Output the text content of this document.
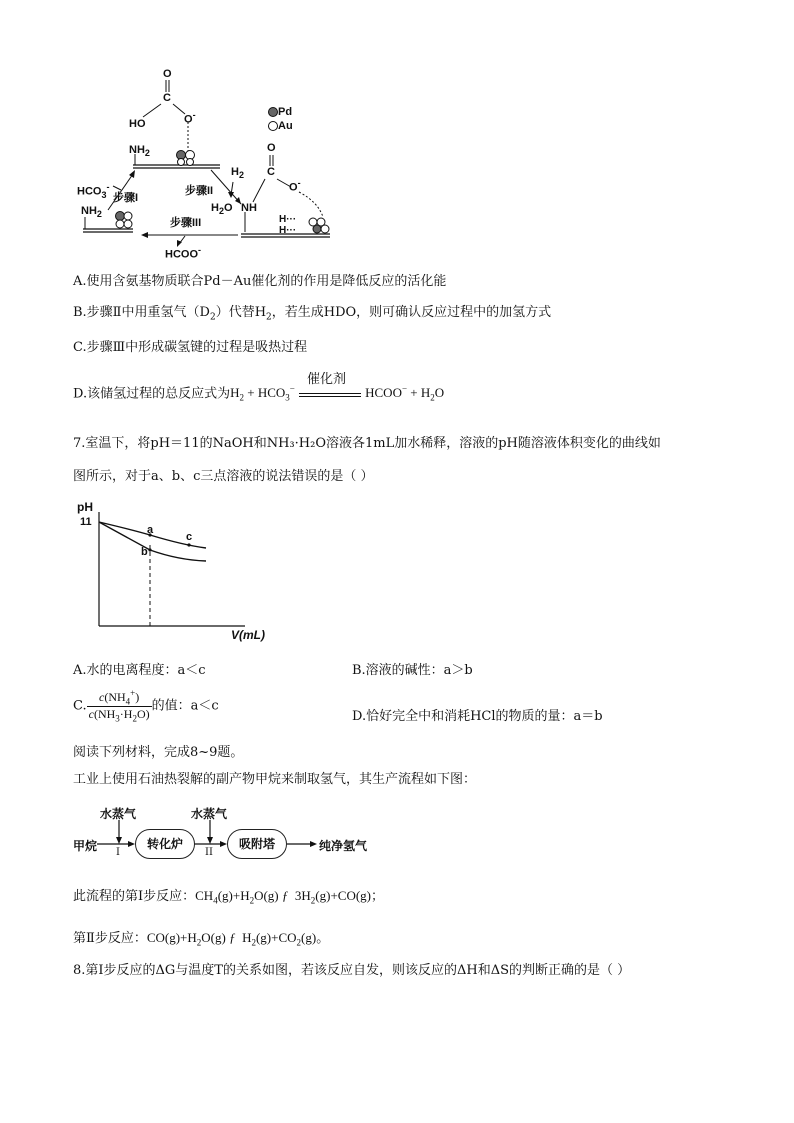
Pd
Au
O
C
HO	O-
$NH_2$
$HCO_3^-$
步骤I
步骤II
$H_2$
$H_2O$ NH
O
C
O-
H···
H···
$NH_2$
步骤III
HCOO-
A.使用含氨基物质联合Pd－Au催化剂的作用是降低反应的活化能
B.步骤Ⅱ中用重氢气$(D_2)$代替$H_2$，若生成HDO，则可确认反应过程中的加氢方式
C.步骤Ⅲ中形成碳氢键的过程是吸热过程
D.该储氢过程的总反应式为$H_2 + HCO_3^-$
催化剂
HCOO− + $H_2O$
7.室温下，将pH＝11的NaOH和NH₃·H₂O溶液各1mL加水稀释，溶液的pH随溶液体积变化的曲线如
图所示，对于a、b、c三点溶液的说法错误的是（ ）
pH
11
V(mL)
a
b
c
A.水的电离程度：a＜c	B.溶液的碱性：a＞b
C. $\frac{c(NH_4^+)}{c(NH_3\cdot H_2O)}$ 的值：a＜c
D.恰好完全中和消耗HCl的物质的量：a＝b
阅读下列材料，完成8~9题。
工业上使用石油热裂解的副产物甲烷来制取氢气，其生产流程如下图：
水蒸气	水蒸气
甲烷 I	II
转化炉	吸附塔	纯净氢气
此流程的第Ⅰ步反应：$CH_4(g)+H_2O(g)$ ƒ  $3H_2(g)+CO(g)$；
第Ⅱ步反应：$CO(g)+H_2O(g)$ ƒ  $H_2(g)+CO_2(g)$。
8.第Ⅰ步反应的ΔG与温度T的关系如图，若该反应自发，则该反应的ΔH和ΔS的判断正确的是（ ）
